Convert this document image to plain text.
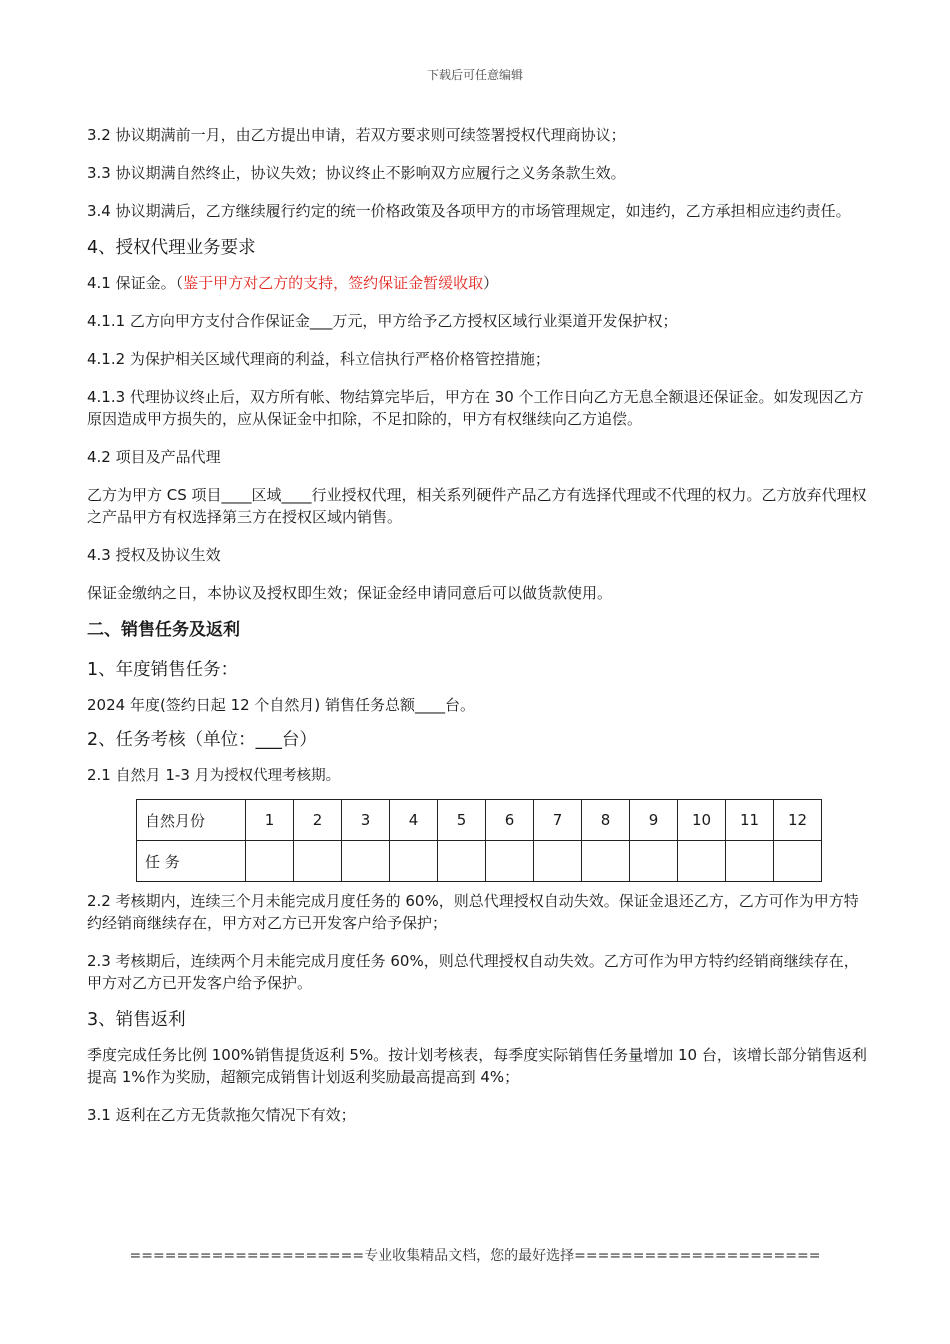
下载后可任意编辑

3.2 协议期满前一月，由乙方提出申请，若双方要求则可续签署授权代理商协议；

3.3 协议期满自然终止，协议失效；协议终止不影响双方应履行之义务条款生效。

3.4 协议期满后，乙方继续履行约定的统一价格政策及各项甲方的市场管理规定，如违约，乙方承担相应违约责任。

4、授权代理业务要求

4.1 保证金。（鉴于甲方对乙方的支持，签约保证金暂缓收取）

4.1.1 乙方向甲方支付合作保证金___万元，甲方给予乙方授权区域行业渠道开发保护权；

4.1.2 为保护相关区域代理商的利益，科立信执行严格价格管控措施；

4.1.3 代理协议终止后，双方所有帐、物结算完毕后，甲方在 30 个工作日向乙方无息全额退还保证金。如发现因乙方原因造成甲方损失的，应从保证金中扣除，不足扣除的，甲方有权继续向乙方追偿。

4.2 项目及产品代理

乙方为甲方 CS 项目____区域____行业授权代理，相关系列硬件产品乙方有选择代理或不代理的权力。乙方放弃代理权之产品甲方有权选择第三方在授权区域内销售。

4.3 授权及协议生效

保证金缴纳之日，本协议及授权即生效；保证金经申请同意后可以做货款使用。

二、销售任务及返利

1、年度销售任务：

2024 年度(签约日起 12 个自然月) 销售任务总额____台。

2、任务考核（单位：___台）

2.1 自然月 1-3 月为授权代理考核期。

自然月份	1	2	3	4	5	6	7	8	9	10	11	12
任 务												

2.2 考核期内，连续三个月未能完成月度任务的 60%，则总代理授权自动失效。保证金退还乙方，乙方可作为甲方特约经销商继续存在，甲方对乙方已开发客户给予保护；

2.3 考核期后，连续两个月未能完成月度任务 60%，则总代理授权自动失效。乙方可作为甲方特约经销商继续存在，甲方对乙方已开发客户给予保护。

3、销售返利

季度完成任务比例 100%销售提货返利 5%。按计划考核表，每季度实际销售任务量增加 10 台，该增长部分销售返利提高 1%作为奖励，超额完成销售计划返利奖励最高提高到 4%；

3.1 返利在乙方无货款拖欠情况下有效；

====================专业收集精品文档，您的最好选择=====================
